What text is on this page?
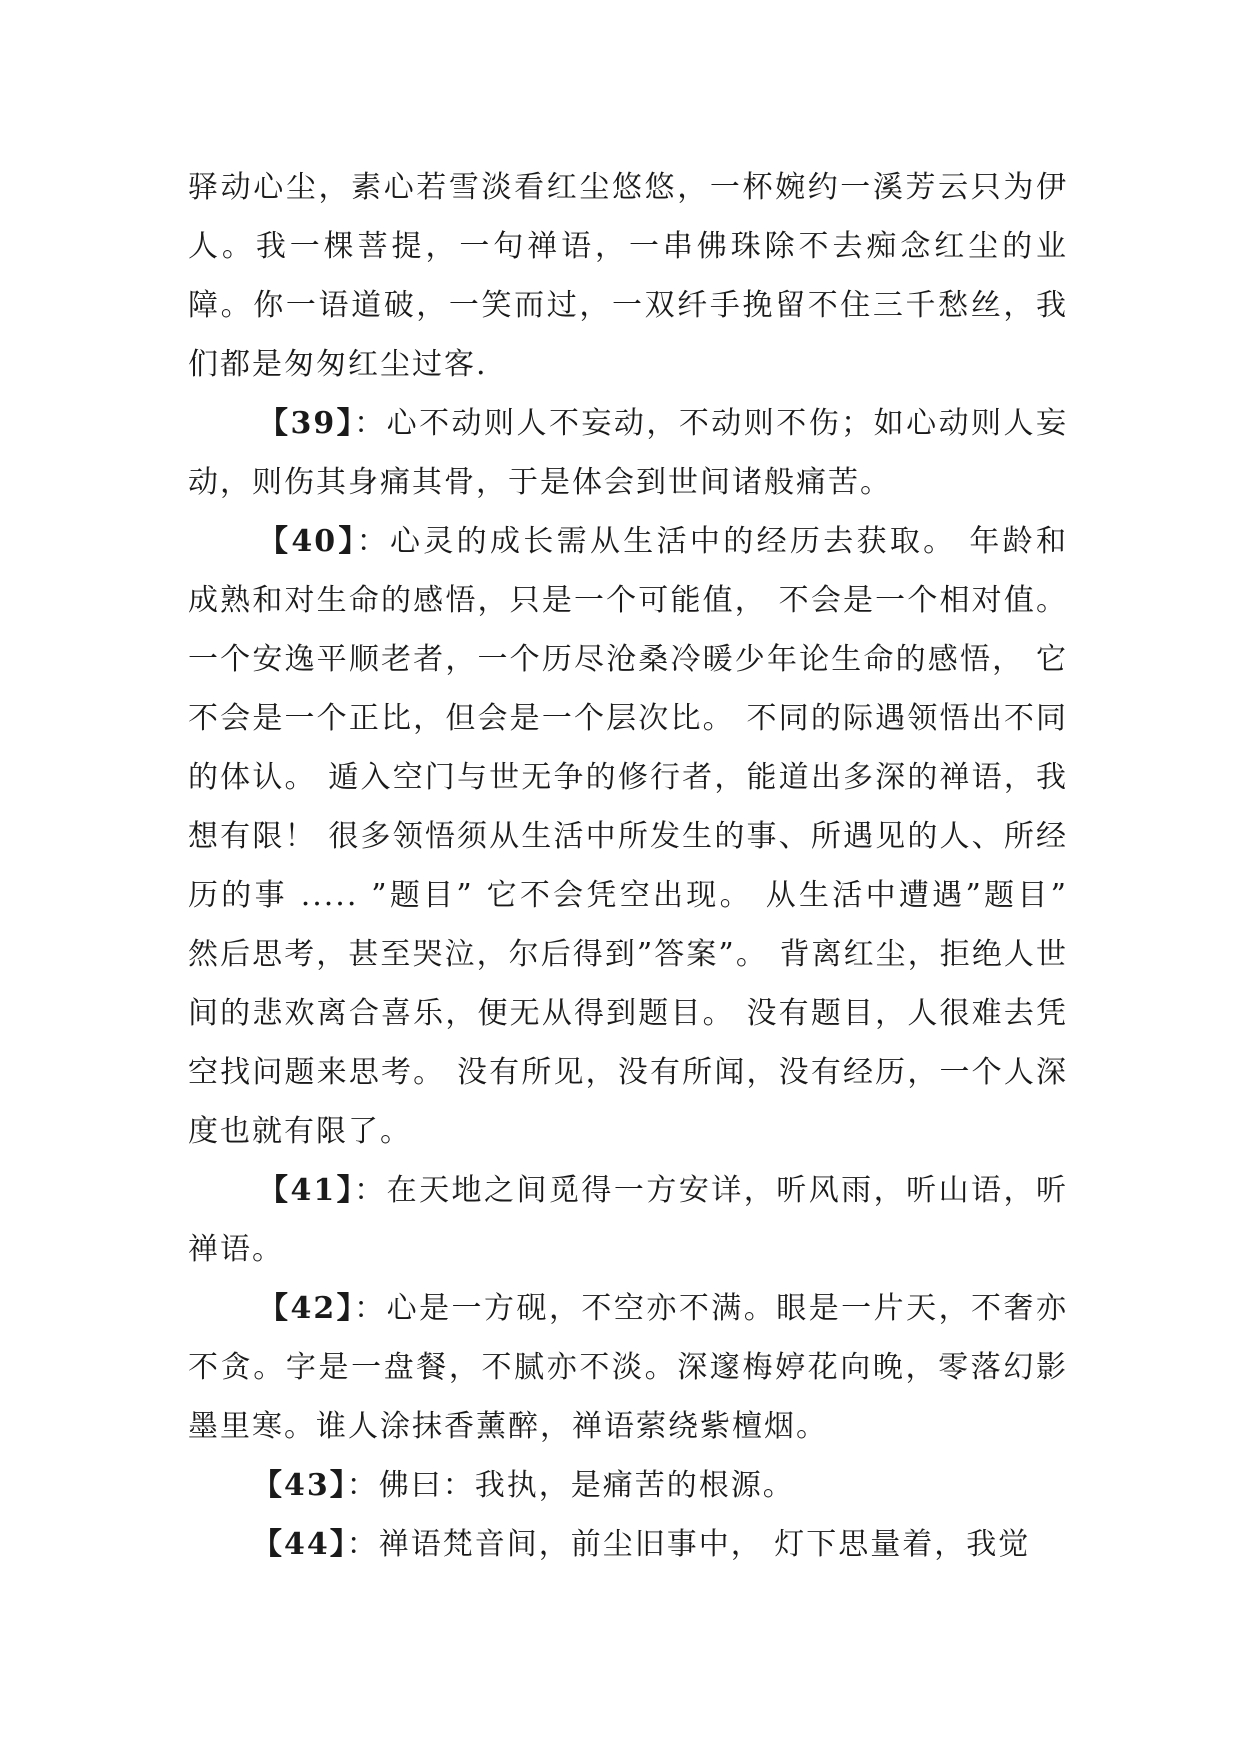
驿动心尘，素心若雪淡看红尘悠悠，一杯婉约一溪芳云只为伊人。我一棵菩提，一句禅语，一串佛珠除不去痴念红尘的业障。你一语道破，一笑而过，一双纤手挽留不住三千愁丝，我们都是匆匆红尘过客.

【39】：心不动则人不妄动，不动则不伤；如心动则人妄动，则伤其身痛其骨，于是体会到世间诸般痛苦。

【40】：心灵的成长需从生活中的经历去获取。 年龄和成熟和对生命的感悟，只是一个可能值， 不会是一个相对值。 一个安逸平顺老者，一个历尽沧桑冷暖少年论生命的感悟， 它不会是一个正比，但会是一个层次比。 不同的际遇领悟出不同的体认。 遁入空门与世无争的修行者，能道出多深的禅语，我想有限！ 很多领悟须从生活中所发生的事、所遇见的人、所经历的事 ..... ”题目” 它不会凭空出现。 从生活中遭遇”题目” 然后思考，甚至哭泣，尔后得到”答案”。 背离红尘，拒绝人世间的悲欢离合喜乐，便无从得到题目。 没有题目，人很难去凭空找问题来思考。 没有所见，没有所闻，没有经历，一个人深度也就有限了。

【41】：在天地之间觅得一方安详，听风雨，听山语，听禅语。

【42】：心是一方砚，不空亦不满。眼是一片天，不奢亦不贪。字是一盘餐，不腻亦不淡。深邃梅婷花向晚，零落幻影墨里寒。谁人涂抹香薰醉，禅语萦绕紫檀烟。

【43】：佛曰：我执，是痛苦的根源。

【44】：禅语梵音间，前尘旧事中， 灯下思量着，我觉
